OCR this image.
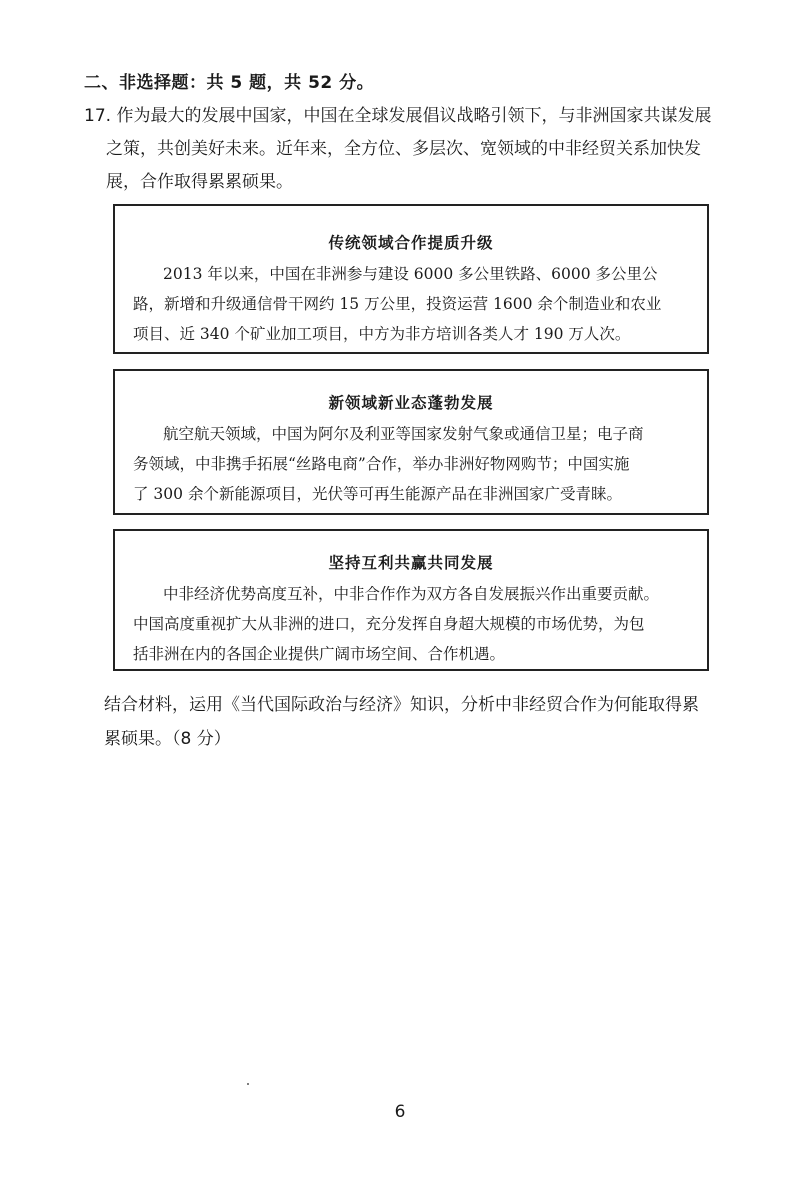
二、非选择题：共 5 题，共 52 分。
17. 作为最大的发展中国家，中国在全球发展倡议战略引领下，与非洲国家共谋发展
之策，共创美好未来。近年来，全方位、多层次、宽领域的中非经贸关系加快发
展，合作取得累累硕果。
传统领域合作提质升级
2013 年以来，中国在非洲参与建设 6000 多公里铁路、6000 多公里公
路，新增和升级通信骨干网约 15 万公里，投资运营 1600 余个制造业和农业
项目、近 340 个矿业加工项目，中方为非方培训各类人才 190 万人次。
新领域新业态蓬勃发展
航空航天领域，中国为阿尔及利亚等国家发射气象或通信卫星；电子商
务领域，中非携手拓展“丝路电商”合作，举办非洲好物网购节；中国实施
了 300 余个新能源项目，光伏等可再生能源产品在非洲国家广受青睐。
坚持互利共赢共同发展
中非经济优势高度互补，中非合作作为双方各自发展振兴作出重要贡献。
中国高度重视扩大从非洲的进口，充分发挥自身超大规模的市场优势，为包
括非洲在内的各国企业提供广阔市场空间、合作机遇。
结合材料，运用《当代国际政治与经济》知识，分析中非经贸合作为何能取得累
累硕果。（8 分）
6
